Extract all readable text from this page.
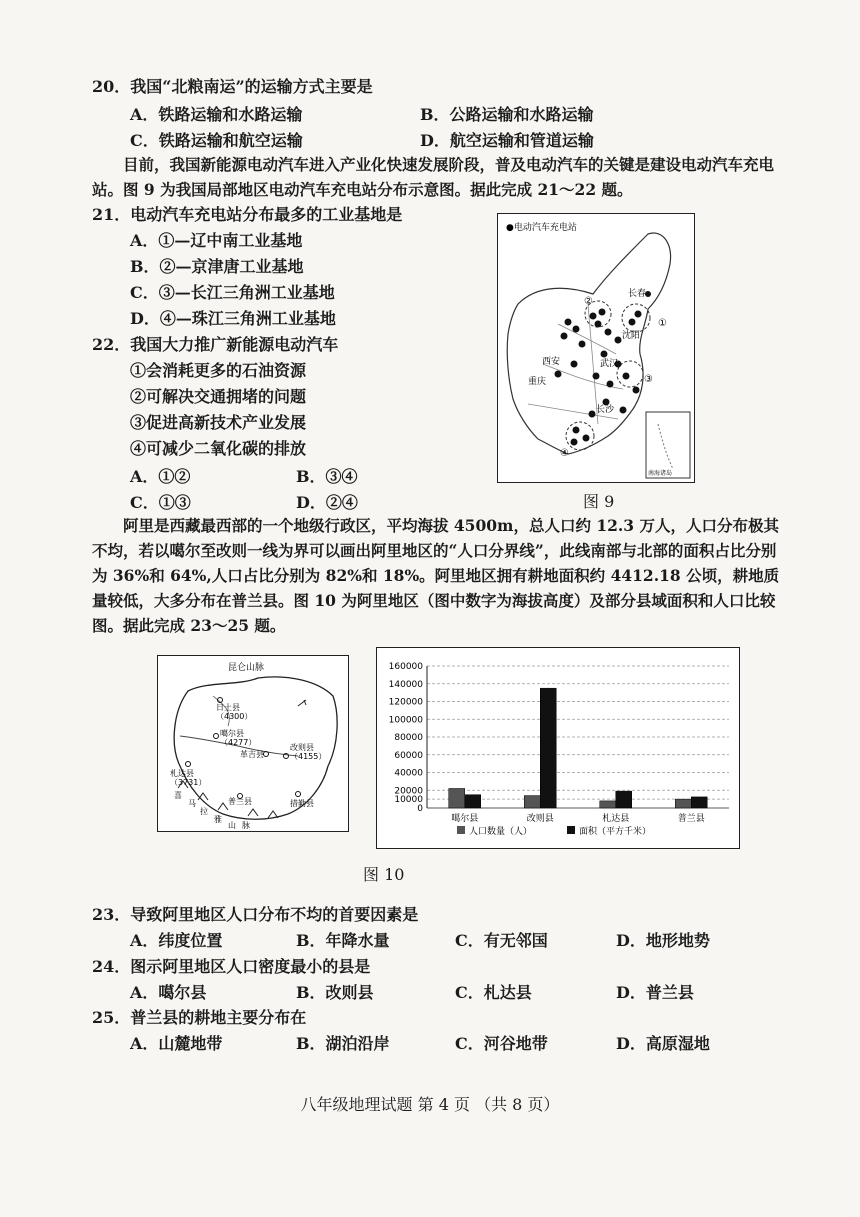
20．我国“北粮南运”的运输方式主要是
A．铁路运输和水路运输	B．公路运输和水路运输
C．铁路运输和航空运输	D．航空运输和管道运输
目前，我国新能源电动汽车进入产业化快速发展阶段，普及电动汽车的关键是建设电动汽车充电站。图 9 为我国局部地区电动汽车充电站分布示意图。据此完成 21～22 题。
21．电动汽车充电站分布最多的工业基地是
A．①—辽中南工业基地
B．②—京津唐工业基地
C．③—长江三角洲工业基地
D．④—珠江三角洲工业基地
22．我国大力推广新能源电动汽车
①会消耗更多的石油资源
②可解决交通拥堵的问题
③促进高新技术产业发展
④可减少二氧化碳的排放
A．①②	B．③④
C．①③	D．②④
●电动汽车充电站
长春
沈阳
西安	武汉
重庆
长沙
①
②
③
④
南海诸岛
图 9
阿里是西藏最西部的一个地级行政区，平均海拔 4500m，总人口约 12.3 万人，人口分布极其不均，若以噶尔至改则一线为界可以画出阿里地区的“人口分界线”，此线南部与北部的面积占比分别为 36%和 64%,人口占比分别为 82%和 18%。阿里地区拥有耕地面积约 4412.18 公顷，耕地质量较低，大多分布在普兰县。图 10 为阿里地区（图中数字为海拔高度）及部分县域面积和人口比较图。据此完成 23～25 题。
昆仑山脉
日土县
（4300）
噶尔县
（4277）
革吉县
改则县
（4155）
札达县
（3731）
普兰县	措勤县
喜
马
拉
雅
山 脉
160000
140000
120000
100000
80000
60000
40000
20000
10000
0
噶尔县	改则县	札达县	普兰县
人口数量（人）	面积（平方千米）
图 10
23．导致阿里地区人口分布不均的首要因素是
A．纬度位置	B．年降水量	C．有无邻国	D．地形地势
24．图示阿里地区人口密度最小的县是
A．噶尔县	B．改则县	C．札达县	D．普兰县
25．普兰县的耕地主要分布在
A．山麓地带	B．湖泊沿岸	C．河谷地带	D．高原湿地
八年级地理试题 第 4 页 （共 8 页）
